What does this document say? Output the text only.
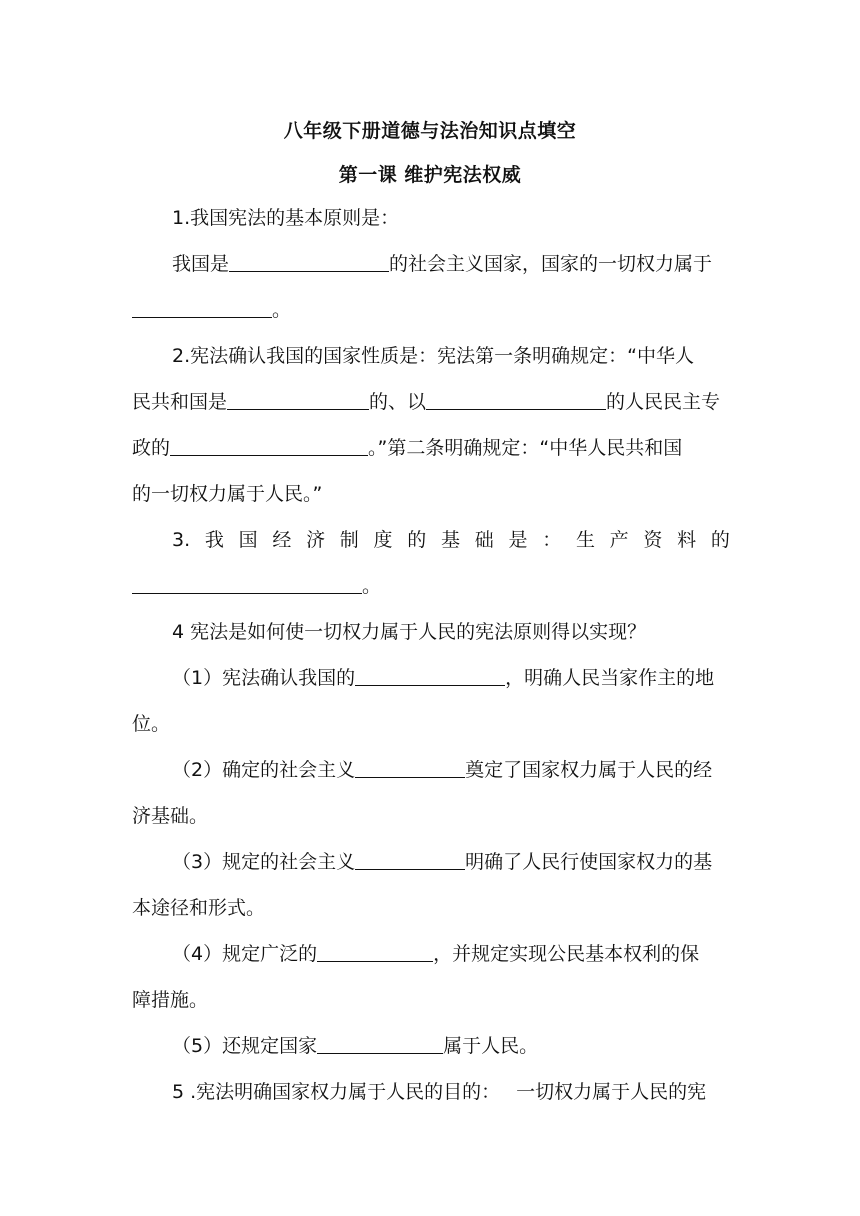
八年级下册道德与法治知识点填空
第一课 维护宪法权威
1.我国宪法的基本原则是：
我国是	的社会主义国家，国家的一切权力属于
。
2.宪法确认我国的国家性质是：宪法第一条明确规定：“中华人
民共和国是	的、以	的人民民主专
政的	。”第二条明确规定：“中华人民共和国
的一切权力属于人民。”
3. 我 国 经 济 制 度 的 基 础 是 ： 生 产 资 料 的
。
4 宪法是如何使一切权力属于人民的宪法原则得以实现？
（1）宪法确认我国的	，明确人民当家作主的地
位。
（2）确定的社会主义	奠定了国家权力属于人民的经
济基础。
（3）规定的社会主义	明确了人民行使国家权力的基
本途径和形式。
（4）规定广泛的	，并规定实现公民基本权利的保
障措施。
（5）还规定国家	属于人民。
5 .宪法明确国家权力属于人民的目的： 一切权力属于人民的宪
